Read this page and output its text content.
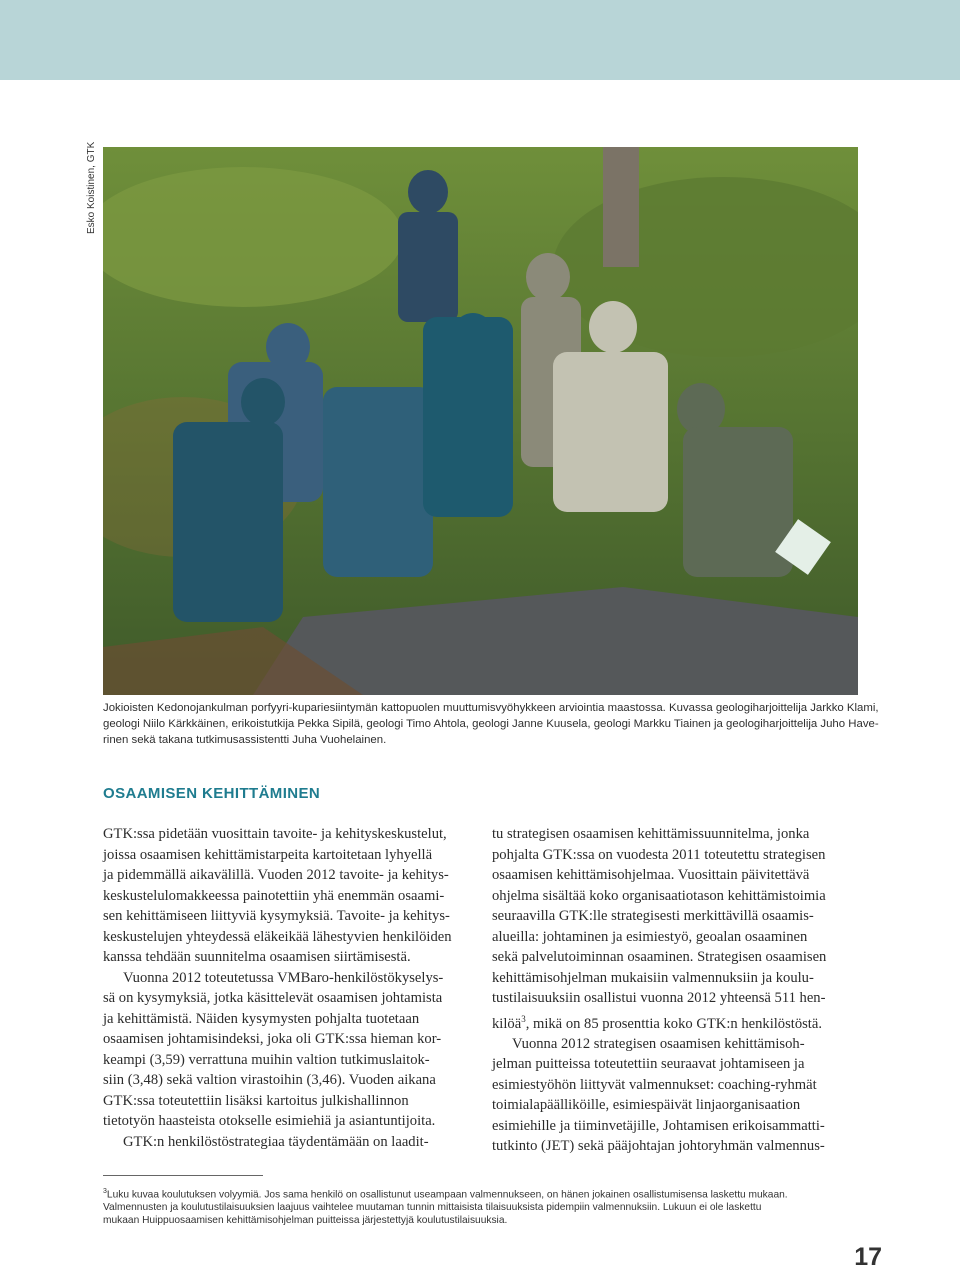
Esko Koistinen, GTK
Jokioisten Kedonojankulman porfyyri-kupariesiintymän kattopuolen muuttumisvyöhykkeen arviointia maastossa. Kuvassa geologiharjoittelija Jarkko Klami,
geologi Niilo Kärkkäinen, erikoistutkija Pekka Sipilä, geologi Timo Ahtola, geologi Janne Kuusela, geologi Markku Tiainen ja geologiharjoittelija Juho Have-
rinen sekä takana tutkimusassistentti Juha Vuohelainen.
OSAAMISEN KEHITTÄMINEN

GTK:ssa pidetään vuosittain tavoite- ja kehityskeskustelut,
joissa osaamisen kehittämistarpeita kartoitetaan lyhyellä
ja pidemmällä aikavälillä. Vuoden 2012 tavoite- ja kehitys-
keskustelulomakkeessa painotettiin yhä enemmän osaami-
sen kehittämiseen liittyviä kysymyksiä. Tavoite- ja kehitys-
keskustelujen yhteydessä eläkeikää lähestyvien henkilöiden
kanssa tehdään suunnitelma osaamisen siirtämisestä.

Vuonna 2012 toteutetussa VMBaro-henkilöstökyselys-
sä on kysymyksiä, jotka käsittelevät osaamisen johtamista
ja kehittämistä. Näiden kysymysten pohjalta tuotetaan
osaamisen johtamisindeksi, joka oli GTK:ssa hieman kor-
keampi (3,59) verrattuna muihin valtion tutkimuslaitok-
siin (3,48) sekä valtion virastoihin (3,46). Vuoden aikana
GTK:ssa toteutettiin lisäksi kartoitus julkishallinnon
tietotyön haasteista otokselle esimiehiä ja asiantuntijoita.

GTK:n henkilöstöstrategiaa täydentämään on laadit-

tu strategisen osaamisen kehittämissuunnitelma, jonka
pohjalta GTK:ssa on vuodesta 2011 toteutettu strategisen
osaamisen kehittämisohjelmaa. Vuosittain päivitettävä
ohjelma sisältää koko organisaatiotason kehittämistoimia
seuraavilla GTK:lle strategisesti merkittävillä osaamis-
alueilla: johtaminen ja esimiestyö, geoalan osaaminen
sekä palvelutoiminnan osaaminen. Strategisen osaamisen
kehittämisohjelman mukaisiin valmennuksiin ja koulu-
tustilaisuuksiin osallistui vuonna 2012 yhteensä 511 hen-
kilöä$^3$, mikä on 85 prosenttia koko GTK:n henkilöstöstä.

Vuonna 2012 strategisen osaamisen kehittämisoh-
jelman puitteissa toteutettiin seuraavat johtamiseen ja
esimiestyöhön liittyvät valmennukset: coaching-ryhmät
toimialapäälliköille, esimiespäivät linjaorganisaation
esimiehille ja tiiminvetäjille, Johtamisen erikoisammatti-
tutkinto (JET) sekä pääjohtajan johtoryhmän valmennus-

$^3$Luku kuvaa koulutuksen volyymiä. Jos sama henkilö on osallistunut useampaan valmennukseen, on hänen jokainen osallistumisensa laskettu mukaan.
Valmennusten ja koulutustilaisuuksien laajuus vaihtelee muutaman tunnin mittaisista tilaisuuksista pidempiin valmennuksiin. Lukuun ei ole laskettu
mukaan Huippuosaamisen kehittämisohjelman puitteissa järjestettyjä koulutustilaisuuksia.
17
